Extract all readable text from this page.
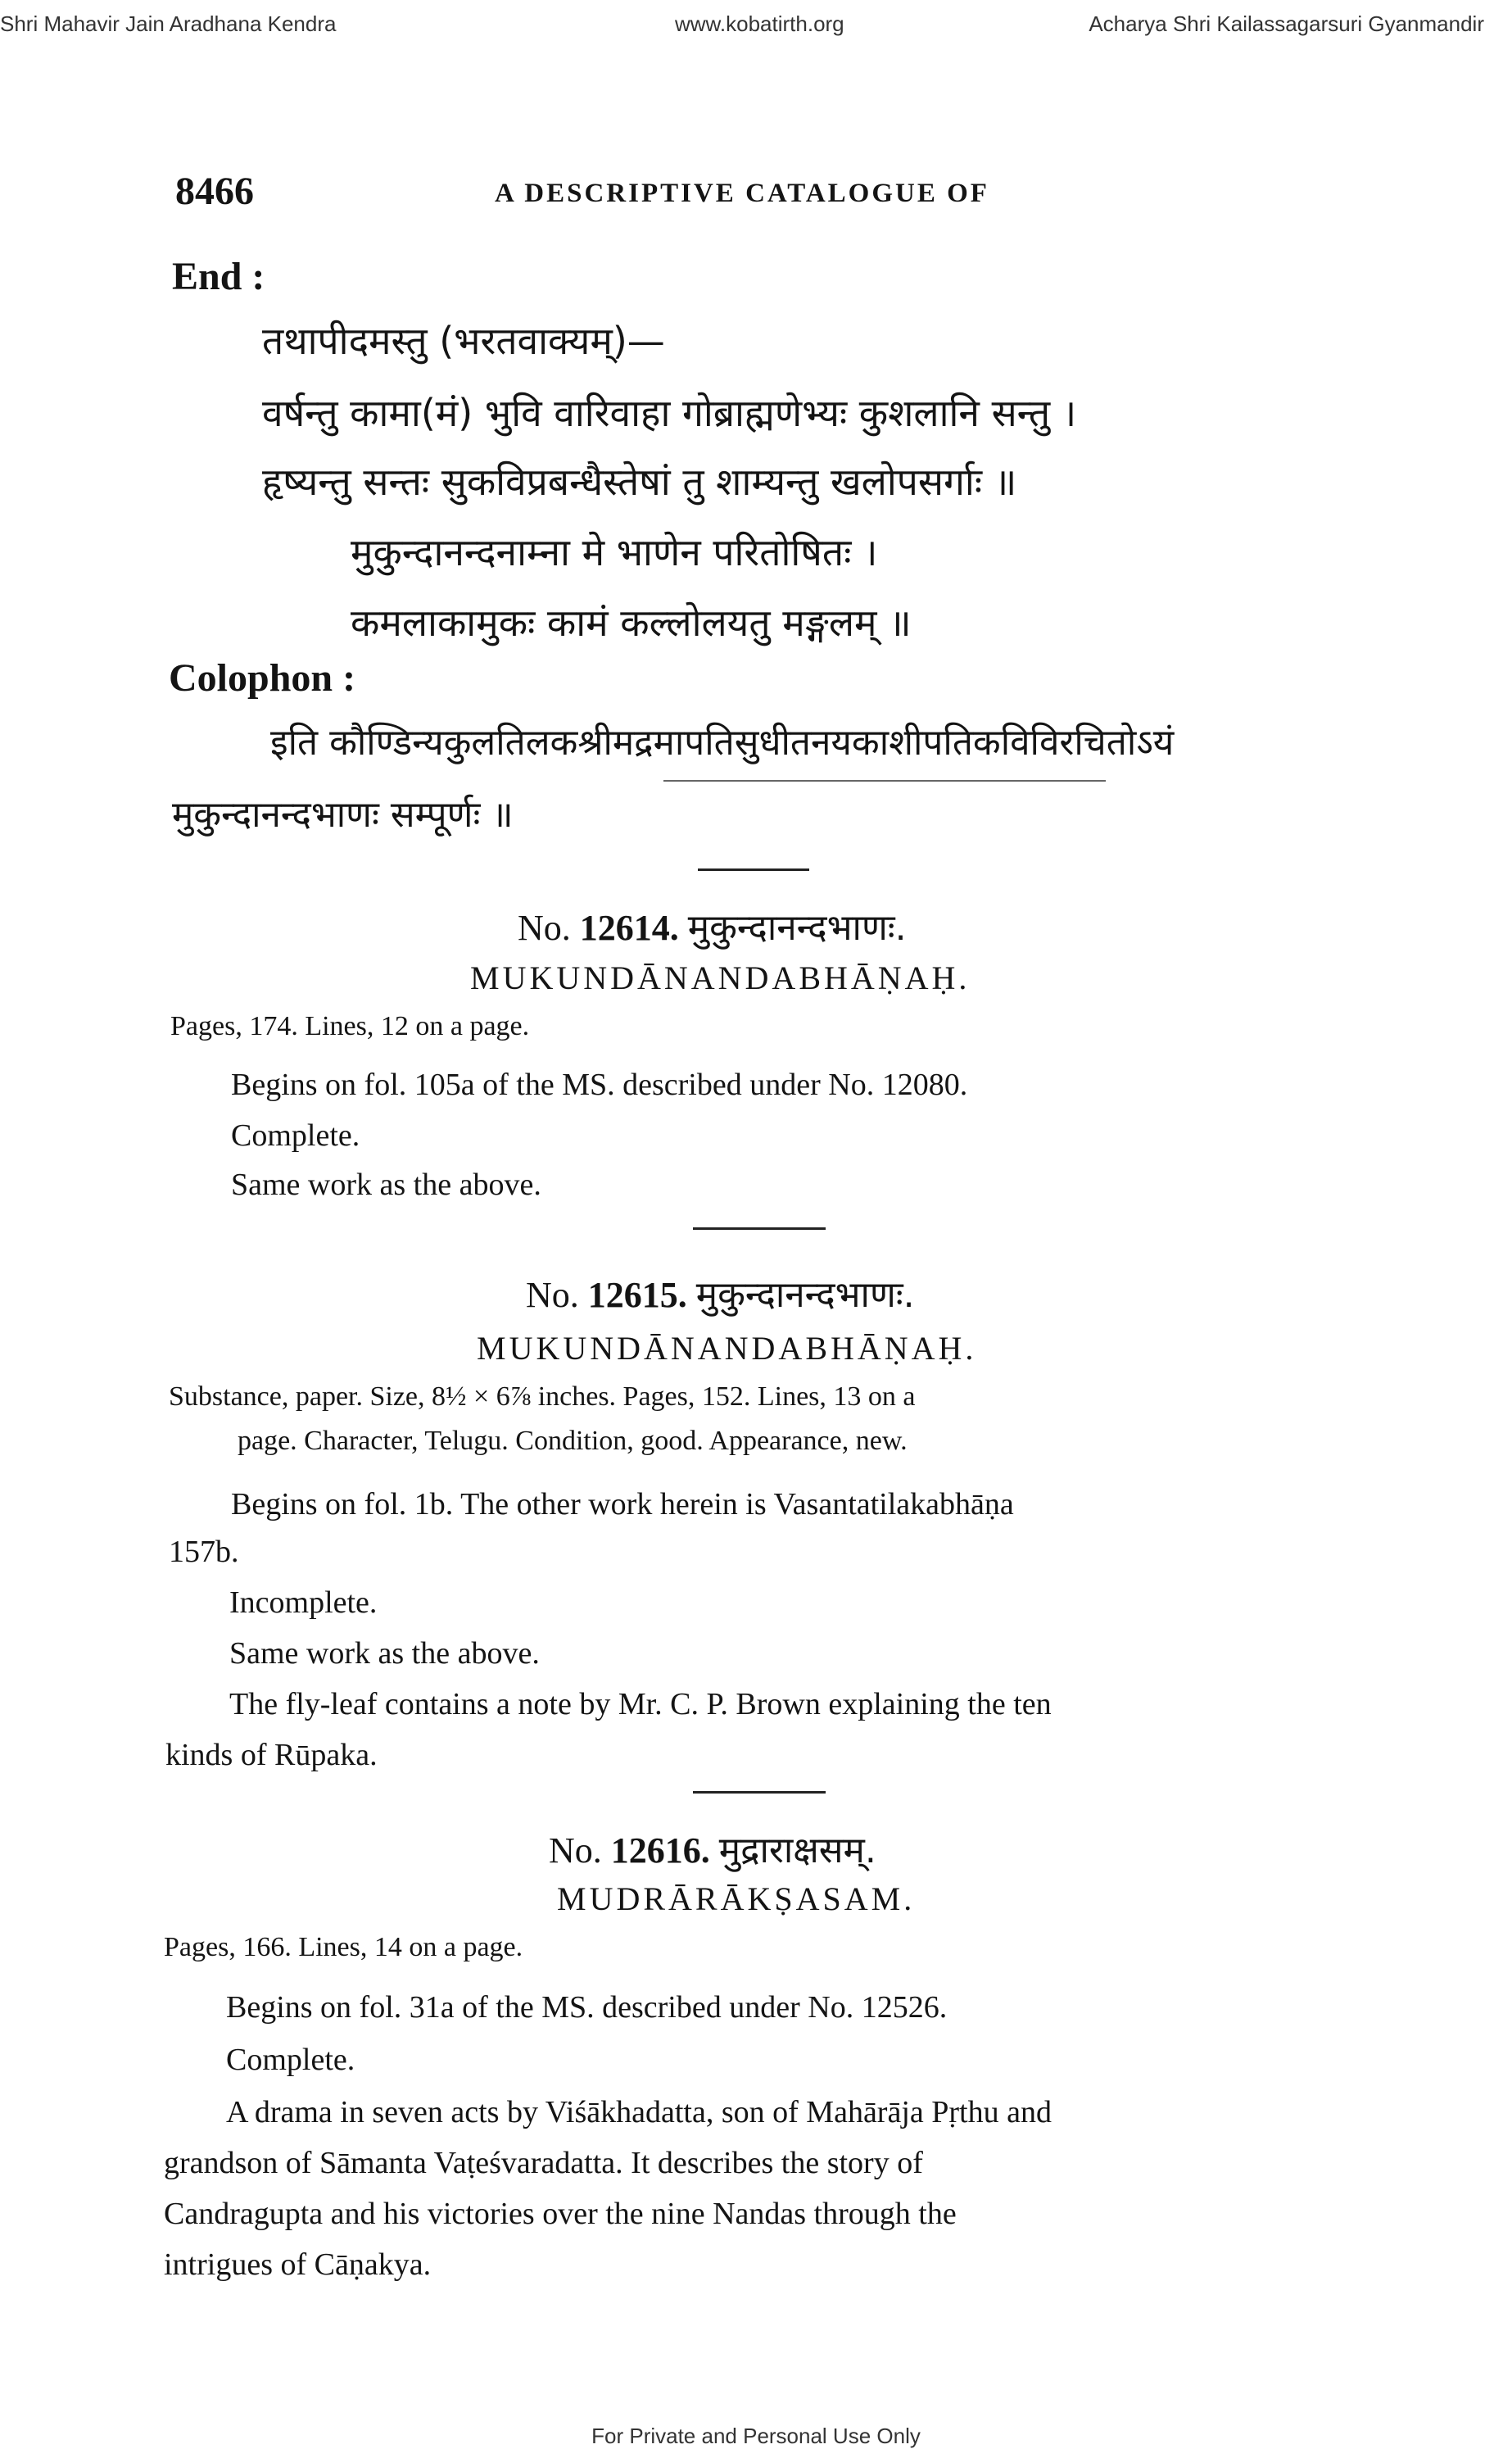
Shri Mahavir Jain Aradhana Kendra	www.kobatirth.org	Acharya Shri Kailassagarsuri Gyanmandir
8466	A DESCRIPTIVE CATALOGUE OF
End :
तथापीदमस्तु (भरतवाक्यम्)—
वर्षन्तु कामा(मं) भुवि वारिवाहा गोब्राह्मणेभ्यः कुशलानि सन्तु ।
हृष्यन्तु सन्तः सुकविप्रबन्धैस्तेषां तु शाम्यन्तु खलोपसर्गाः ॥
मुकुन्दानन्दनाम्ना मे भाणेन परितोषितः ।
कमलाकामुकः कामं कल्लोलयतु मङ्गलम् ॥
Colophon :
इति कौण्डिन्यकुलतिलकश्रीमद्रमापतिसुधीतनयकाशीपतिकविविरचितोऽयं
मुकुन्दानन्दभाणः सम्पूर्णः ॥
No. 12614. मुकुन्दानन्दभाणः.
MUKUNDĀNANDABHĀṆAḤ.
Pages, 174. Lines, 12 on a page.
Begins on fol. 105a of the MS. described under No. 12080.
Complete.
Same work as the above.
No. 12615. मुकुन्दानन्दभाणः.
MUKUNDĀNANDABHĀṆAḤ.
Substance, paper. Size, 8½ × 6⅞ inches. Pages, 152. Lines, 13 on a
page. Character, Telugu. Condition, good. Appearance, new.
Begins on fol. 1b. The other work herein is Vasantatilakabhāṇa
157b.
Incomplete.
Same work as the above.
The fly-leaf contains a note by Mr. C. P. Brown explaining the ten
kinds of Rūpaka.
No. 12616. मुद्राराक्षसम्.
MUDRĀRĀKṢASAM.
Pages, 166. Lines, 14 on a page.
Begins on fol. 31a of the MS. described under No. 12526.
Complete.
A drama in seven acts by Viśākhadatta, son of Mahārāja Pṛthu and
grandson of Sāmanta Vaṭeśvaradatta. It describes the story of
Candragupta and his victories over the nine Nandas through the
intrigues of Cāṇakya.
For Private and Personal Use Only
